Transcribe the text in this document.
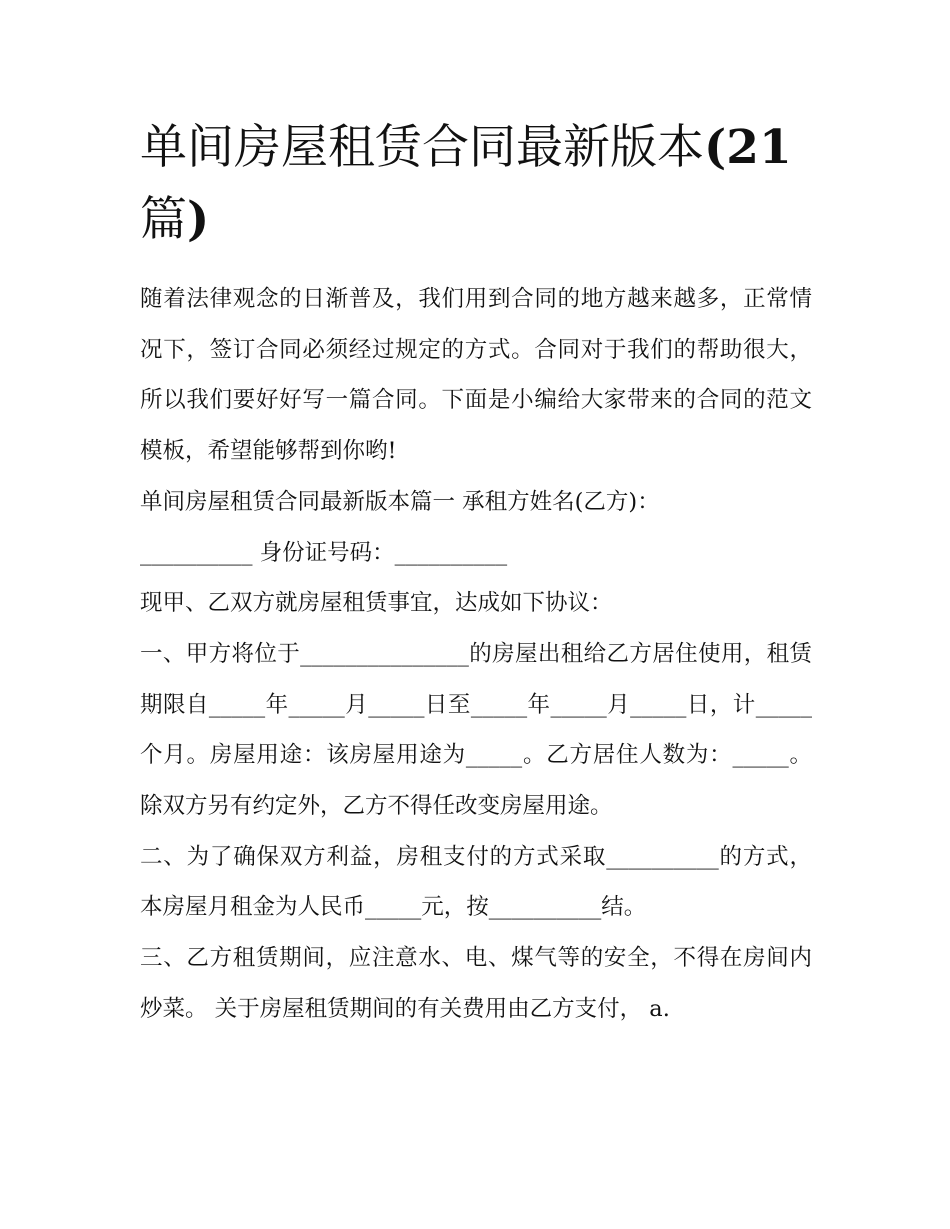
单间房屋租赁合同最新版本(21
篇)

随着法律观念的日渐普及，我们用到合同的地方越来越多，正常情况下，签订合同必须经过规定的方式。合同对于我们的帮助很大，所以我们要好好写一篇合同。下面是小编给大家带来的合同的范文模板，希望能够帮到你哟!

单间房屋租赁合同最新版本篇一 承租方姓名(乙方)：

__________ 身份证号码：__________

现甲、乙双方就房屋租赁事宜，达成如下协议：

一、甲方将位于_______________的房屋出租给乙方居住使用，租赁期限自_____年_____月_____日至_____年_____月_____日，计_____个月。房屋用途：该房屋用途为_____。乙方居住人数为：_____。除双方另有约定外，乙方不得任改变房屋用途。

二、为了确保双方利益，房租支付的方式采取__________的方式，本房屋月租金为人民币_____元，按__________结。

三、乙方租赁期间，应注意水、电、煤气等的安全，不得在房间内炒菜。 关于房屋租赁期间的有关费用由乙方支付， a.
